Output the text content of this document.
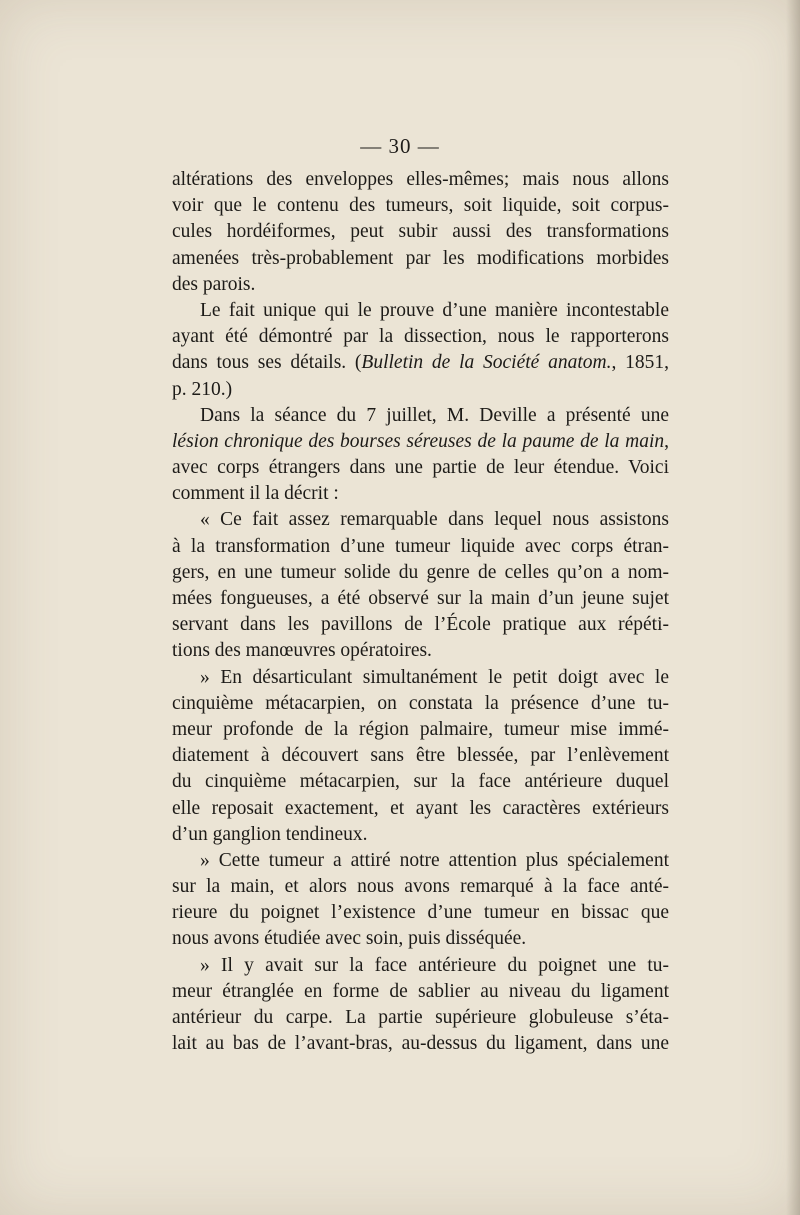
— 30 —
altérations des enveloppes elles-mêmes; mais nous allons
voir que le contenu des tumeurs, soit liquide, soit corpus-
cules hordéiformes, peut subir aussi des transformations
amenées très-probablement par les modifications morbides
des parois.
Le fait unique qui le prouve d’une manière incontestable
ayant été démontré par la dissection, nous le rapporterons
dans tous ses détails. (Bulletin de la Société anatom., 1851,
p. 210.)
Dans la séance du 7 juillet, M. Deville a présenté une
lésion chronique des bourses séreuses de la paume de la main,
avec corps étrangers dans une partie de leur étendue. Voici
comment il la décrit :
« Ce fait assez remarquable dans lequel nous assistons
à la transformation d’une tumeur liquide avec corps étran-
gers, en une tumeur solide du genre de celles qu’on a nom-
mées fongueuses, a été observé sur la main d’un jeune sujet
servant dans les pavillons de l’École pratique aux répéti-
tions des manœuvres opératoires.
» En désarticulant simultanément le petit doigt avec le
cinquième métacarpien, on constata la présence d’une tu-
meur profonde de la région palmaire, tumeur mise immé-
diatement à découvert sans être blessée, par l’enlèvement
du cinquième métacarpien, sur la face antérieure duquel
elle reposait exactement, et ayant les caractères extérieurs
d’un ganglion tendineux.
» Cette tumeur a attiré notre attention plus spécialement
sur la main, et alors nous avons remarqué à la face anté-
rieure du poignet l’existence d’une tumeur en bissac que
nous avons étudiée avec soin, puis disséquée.
» Il y avait sur la face antérieure du poignet une tu-
meur étranglée en forme de sablier au niveau du ligament
antérieur du carpe. La partie supérieure globuleuse s’éta-
lait au bas de l’avant-bras, au-dessus du ligament, dans une
